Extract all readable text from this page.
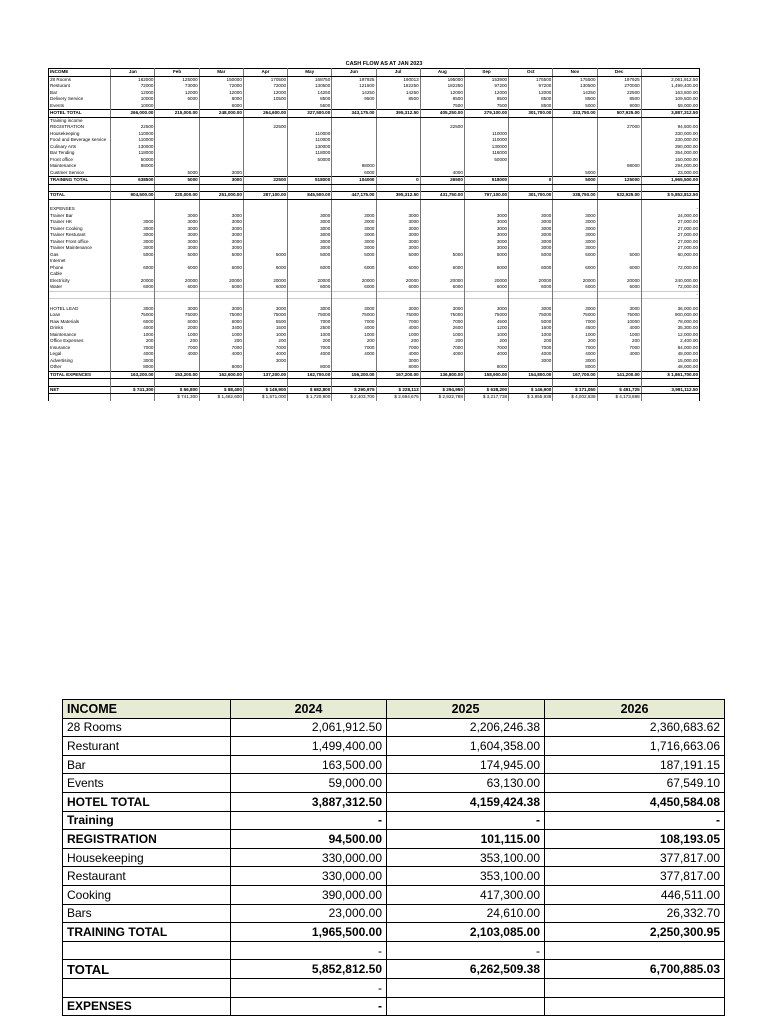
CASH FLOW AS AT JAN 2023
INCOME	Jan	Feb	Mar	Apr	May	Jun	Jul	Aug	Sep	Oct	Nov	Dec	
28 Rooms	162000	125000	150000	170500	168750	197925	190013	195000	153900	175500	175500	197925	2,061,912.50
Resturant	72000	73000	72000	72000	130500	121500	182250	182250	97200	97200	130500	270000	1,499,400.00
Bar	12000	12000	12000	12000	14250	14250	14250	12000	12000	12000	14250	22500	163,500.00
Delivery Service	10000	6000	8000	10500	8500	9500	8500	8500	8500	8500	8500	8500	109,500.00
Events	10000		6000		5500			7500	7500	8500	5000	9000	59,000.00
HOTEL TOTAL	266,000.00	215,000.00	248,000.00	264,600.00	327,500.00	343,175.00	395,312.50	405,250.00	279,100.00	301,700.00	333,750.00	507,925.00	3,887,312.50
Training income													
REGISTRATION	22500			22500				22500				27000	94,500.00
Housekeeping	110000				110000				110000				330,000.00
Food and Beverage service	110000				110000				110000				330,000.00
Culinary Arts	130000				130000				130000				390,000.00
Bar Tending	118000				118000				118000				354,000.00
Front office	50000				50000				50000				150,000.00
Maintenance	98000					98000						98000	294,000.00
Custmer Service		5000	3000			6000		4000			5000		23,000.00
TRAINING TOTAL	638500	5000	3000	22500	518000	104000	0	26500	518000	0	5000	125000	1,965,500.00

TOTAL	904,500.00	220,000.00	251,000.00	287,100.00	845,500.00	447,175.00	395,312.50	431,750.00	797,100.00	301,700.00	338,750.00	632,925.00	$ 5,852,812.50

EXPENSES													-
Trainer Bar		3000	3000		3000	3000	3000		3000	3000	3000		24,000.00
Trainer HK	3000	3000	3000		3000	3000	3000		3000	3000	3000		27,000.00
Trainer Cooking	3000	3000	3000		3000	3000	3000		3000	3000	3000		27,000.00
Trainer Resturant	3000	3000	3000		3000	3000	3000		3000	3000	3000		27,000.00
Trainer Front office	3000	3000	3000		3000	3000	3000		3000	3000	3000		27,000.00
Trainer Maintenance	3000	3000	3000		3000	3000	3000		3000	3000	3000		27,000.00
Gas	5000	5000	5000	5000	5000	5000	5000	5000	5000	5000	5000	5000	60,000.00
Internet													
Phone	6000	6000	6000	6000	6000	6000	6000	6000	6000	6000	6000	6000	72,000.00
Cable													
Electricity	20000	20000	20000	20000	20000	20000	20000	20000	20000	20000	20000	20000	240,000.00
Water	6000	6000	6000	6000	6000	6000	6000	6000	6000	6000	6000	6000	72,000.00
													-

HOTEL LEAD	3000	3000	3000	3000	3000	3000	3000	3000	3000	3000	3000	3000	36,000.00
Loan	75000	75000	75000	75000	75000	75000	75000	75000	75000	75000	75000	75000	900,000.00
Raw Materials	6000	6000	6000	5500	7000	7000	7000	7000	4500	5000	7000	10000	78,000.00
Drinks	4000	2000	3400	1500	2500	4000	4000	2600	1200	1600	4500	4000	35,300.00
Maintenance	1000	1000	1000	1000	1000	1000	1000	1000	1000	1000	1000	1000	12,000.00
Office Expenses	200	200	200	200	200	200	200	200	200	200	200	200	2,400.00
Insurance	7000	7000	7000	7000	7000	7000	7000	7000	7000	7000	7000	7000	84,000.00
Legal	4000	4000	4000	4000	4000	4000	4000	4000	4000	4000	4000	4000	48,000.00
Advertising	3000			3000			3000			3000	3000		15,000.00
Other	8000		8000		8000		8000		8000		8000		48,000.00
TOTAL EXPENCES	163,200.00	153,200.00	162,600.00	137,200.00	162,700.00	156,200.00	167,200.00	136,800.00	158,900.00	154,800.00	167,700.00	141,200.00	$ 1,861,700.00

NET	$ 741,300	$ 66,800	$ 88,400	$ 149,900	$ 682,800	$ 290,975	$ 228,113	$ 294,950	$ 638,200	$ 146,900	$ 171,050	$ 491,725	3,991,112.50
		$ 741,300	$ 1,482,600	$ 1,571,000	$ 1,720,900	$ 2,403,700	$ 2,694,675	$ 2,922,788	$ 3,217,738	$ 3,855,938	$ 4,002,838	$ 4,173,888	
INCOME	2024	2025	2026
28 Rooms	2,061,912.50	2,206,246.38	2,360,683.62
Resturant	1,499,400.00	1,604,358.00	1,716,663.06
Bar	163,500.00	174,945.00	187,191.15
Events	59,000.00	63,130.00	67,549.10
HOTEL TOTAL	3,887,312.50	4,159,424.38	4,450,584.08
Training	-	-	-
REGISTRATION	94,500.00	101,115.00	108,193.05
Housekeeping	330,000.00	353,100.00	377,817.00
Restaurant	330,000.00	353,100.00	377,817.00
Cooking	390,000.00	417,300.00	446,511.00
Bars	23,000.00	24,610.00	26,332.70
TRAINING TOTAL	1,965,500.00	2,103,085.00	2,250,300.95
	-	-	
TOTAL	5,852,812.50	6,262,509.38	6,700,885.03
	-		
EXPENSES	-		
